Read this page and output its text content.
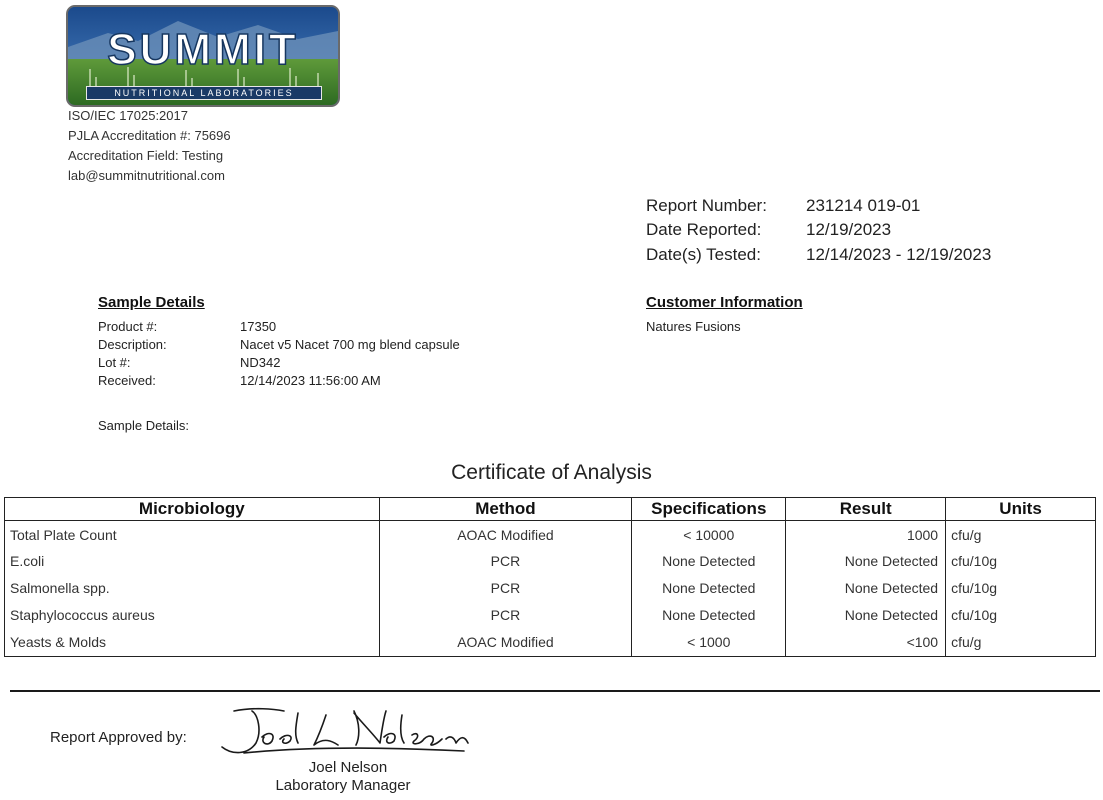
SUMMIT
NUTRITIONAL LABORATORIES
ISO/IEC 17025:2017
PJLA Accreditation #: 75696
Accreditation Field: Testing
lab@summitnutritional.com
Report Number: 231214 019-01
Date Reported:	12/19/2023
Date(s) Tested:	12/14/2023 - 12/19/2023
Sample Details
Product #:	17350
Description:	Nacet v5 Nacet 700 mg blend capsule
Lot #:	ND342
Received:	12/14/2023 11:56:00 AM
Sample Details:
Customer Information
Natures Fusions
Certificate of Analysis
Microbiology	Method	Specifications	Result	Units
Total Plate Count	AOAC Modified	< 10000	1000	cfu/g
E.coli	PCR	None Detected	None Detected	cfu/10g
Salmonella spp.	PCR	None Detected	None Detected	cfu/10g
Staphylococcus aureus	PCR	None Detected	None Detected	cfu/10g
Yeasts & Molds	AOAC Modified	< 1000	<100	cfu/g
Report Approved by:
Joel Nelson
Laboratory Manager
